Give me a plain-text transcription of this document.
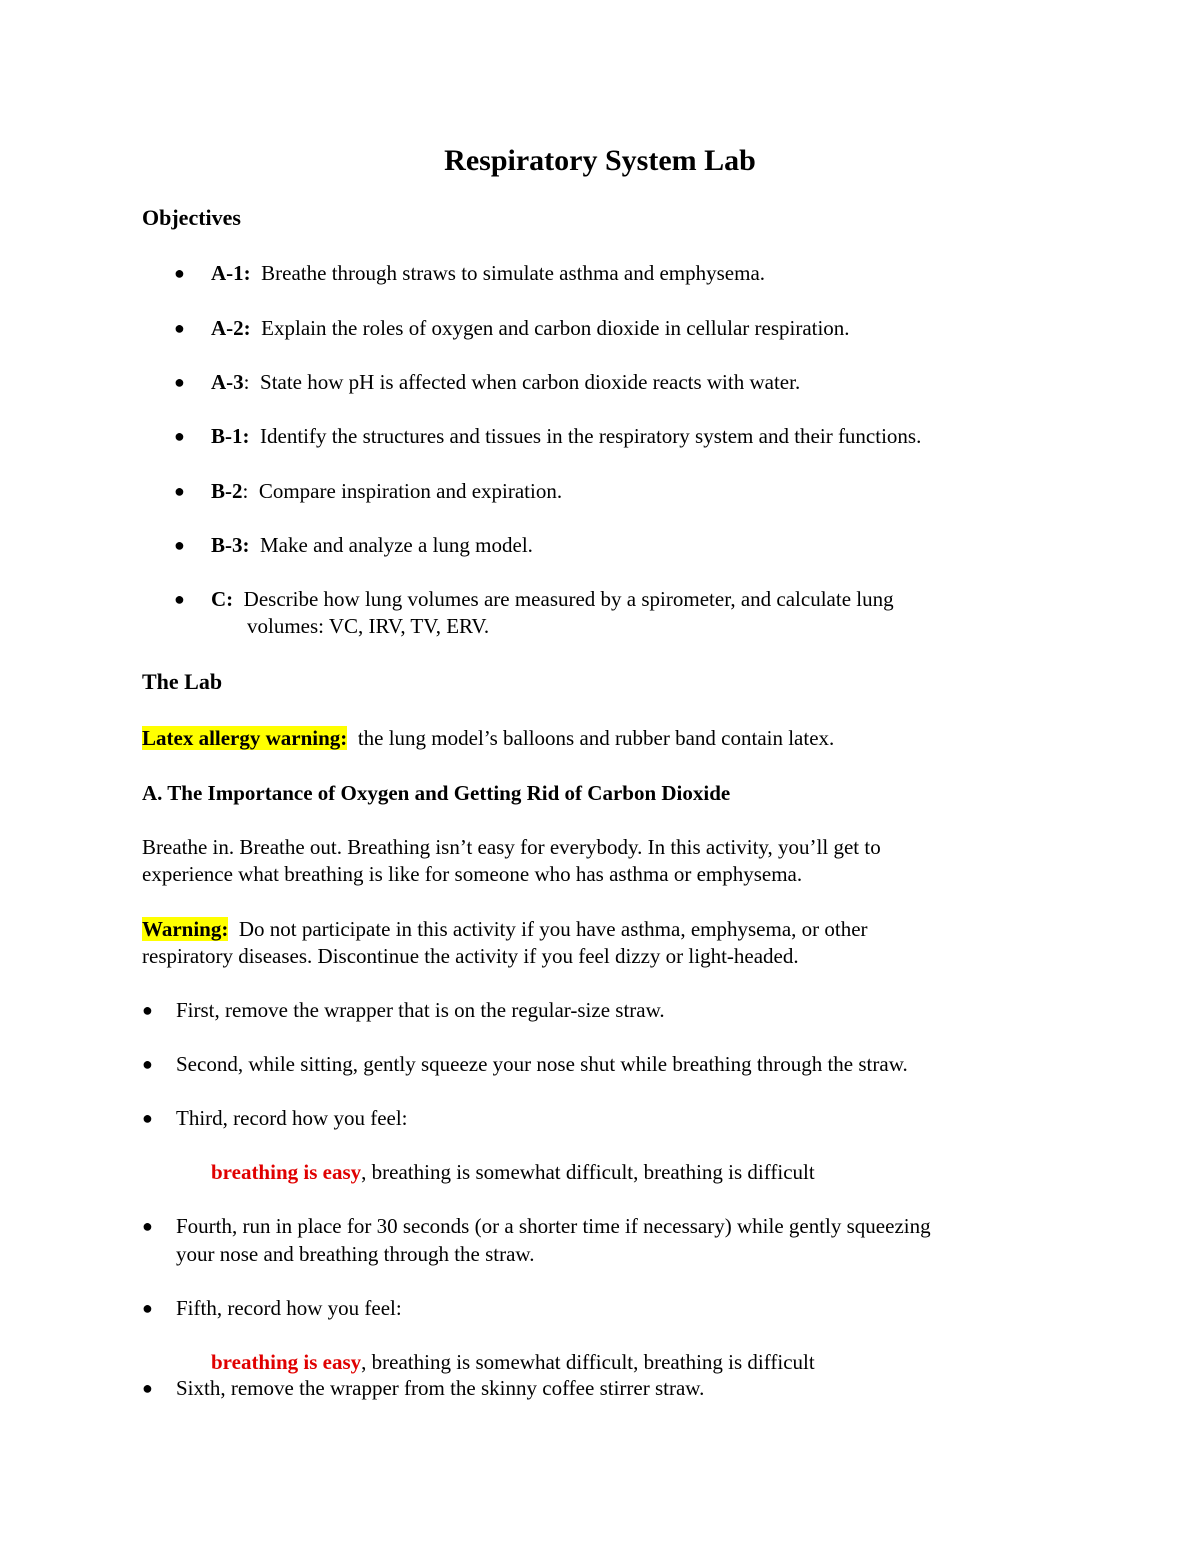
Respiratory System Lab
Objectives
● A-1: Breathe through straws to simulate asthma and emphysema.
● A-2: Explain the roles of oxygen and carbon dioxide in cellular respiration.
● A-3: State how pH is affected when carbon dioxide reacts with water.
● B-1: Identify the structures and tissues in the respiratory system and their functions.
● B-2: Compare inspiration and expiration.
● B-3: Make and analyze a lung model.
● C: Describe how lung volumes are measured by a spirometer, and calculate lung
volumes: VC, IRV, TV, ERV.
The Lab
Latex allergy warning: the lung model’s balloons and rubber band contain latex.
A. The Importance of Oxygen and Getting Rid of Carbon Dioxide
Breathe in. Breathe out. Breathing isn’t easy for everybody. In this activity, you’ll get to
experience what breathing is like for someone who has asthma or emphysema.
Warning: Do not participate in this activity if you have asthma, emphysema, or other
respiratory diseases. Discontinue the activity if you feel dizzy or light-headed.
● First, remove the wrapper that is on the regular-size straw.
● Second, while sitting, gently squeeze your nose shut while breathing through the straw.
● Third, record how you feel:
breathing is easy, breathing is somewhat difficult, breathing is difficult
● Fourth, run in place for 30 seconds (or a shorter time if necessary) while gently squeezing
your nose and breathing through the straw.
● Fifth, record how you feel:
breathing is easy, breathing is somewhat difficult, breathing is difficult
● Sixth, remove the wrapper from the skinny coffee stirrer straw.
